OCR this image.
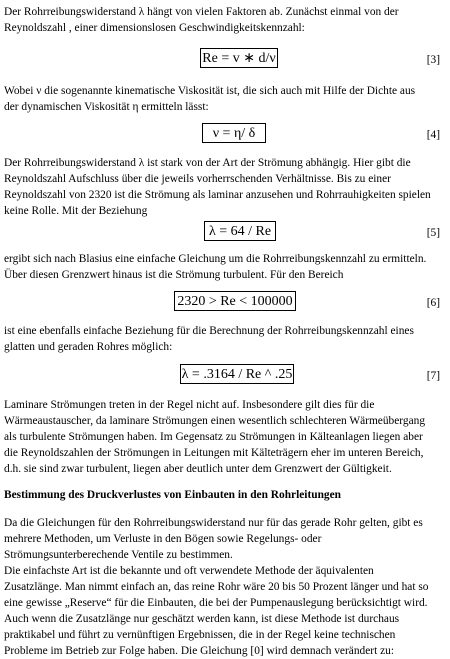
Der Rohrreibungswiderstand λ hängt von vielen Faktoren ab. Zunächst einmal von der

Reynoldszahl , einer dimensionslosen Geschwindigkeitskennzahl:

Re = v ∗ d/ν	[3]

Wobei ν die sogenannte kinematische Viskosität ist, die sich auch mit Hilfe der Dichte aus

der dynamischen Viskosität η ermitteln lässt:

ν = η/ δ	[4]

Der Rohrreibungswiderstand λ ist stark von der Art der Strömung abhängig. Hier gibt die

Reynoldszahl Aufschluss über die jeweils vorherrschenden Verhältnisse. Bis zu einer

Reynoldszahl von 2320 ist die Strömung als laminar anzusehen und Rohrrauhigkeiten spielen

keine Rolle. Mit der Beziehung

λ = 64 / Re	[5]

ergibt sich nach Blasius eine einfache Gleichung um die Rohrreibungskennzahl zu ermitteln.

Über diesen Grenzwert hinaus ist die Strömung turbulent. Für den Bereich

2320 > Re < 100000	[6]

ist eine ebenfalls einfache Beziehung für die Berechnung der Rohrreibungskennzahl eines

glatten und geraden Rohres möglich:

λ = .3164 / Re ^ .25	[7]

Laminare Strömungen treten in der Regel nicht auf. Insbesondere gilt dies für die

Wärmeaustauscher, da laminare Strömungen einen wesentlich schlechteren Wärmeübergang

als turbulente Strömungen haben. Im Gegensatz zu Strömungen in Kälteanlagen liegen aber

die Reynoldszahlen der Strömungen in Leitungen mit Kälteträgern eher im unteren Bereich,

d.h. sie sind zwar turbulent, liegen aber deutlich unter dem Grenzwert der Gültigkeit.

Bestimmung des Druckverlustes von Einbauten in den Rohrleitungen

Da die Gleichungen für den Rohrreibungswiderstand nur für das gerade Rohr gelten, gibt es

mehrere Methoden, um Verluste in den Bögen sowie Regelungs- oder

Strömungsunterberechende Ventile zu bestimmen.

Die einfachste Art ist die bekannte und oft verwendete Methode der äquivalenten

Zusatzlänge. Man nimmt einfach an, das reine Rohr wäre 20 bis 50 Prozent länger und hat so

eine gewisse „Reserve“ für die Einbauten, die bei der Pumpenauslegung berücksichtigt wird.

Auch wenn die Zusatzlänge nur geschätzt werden kann, ist diese Methode ist durchaus

praktikabel und führt zu vernünftigen Ergebnissen, die in der Regel keine technischen

Probleme im Betrieb zur Folge haben. Die Gleichung [0] wird demnach verändert zu:
